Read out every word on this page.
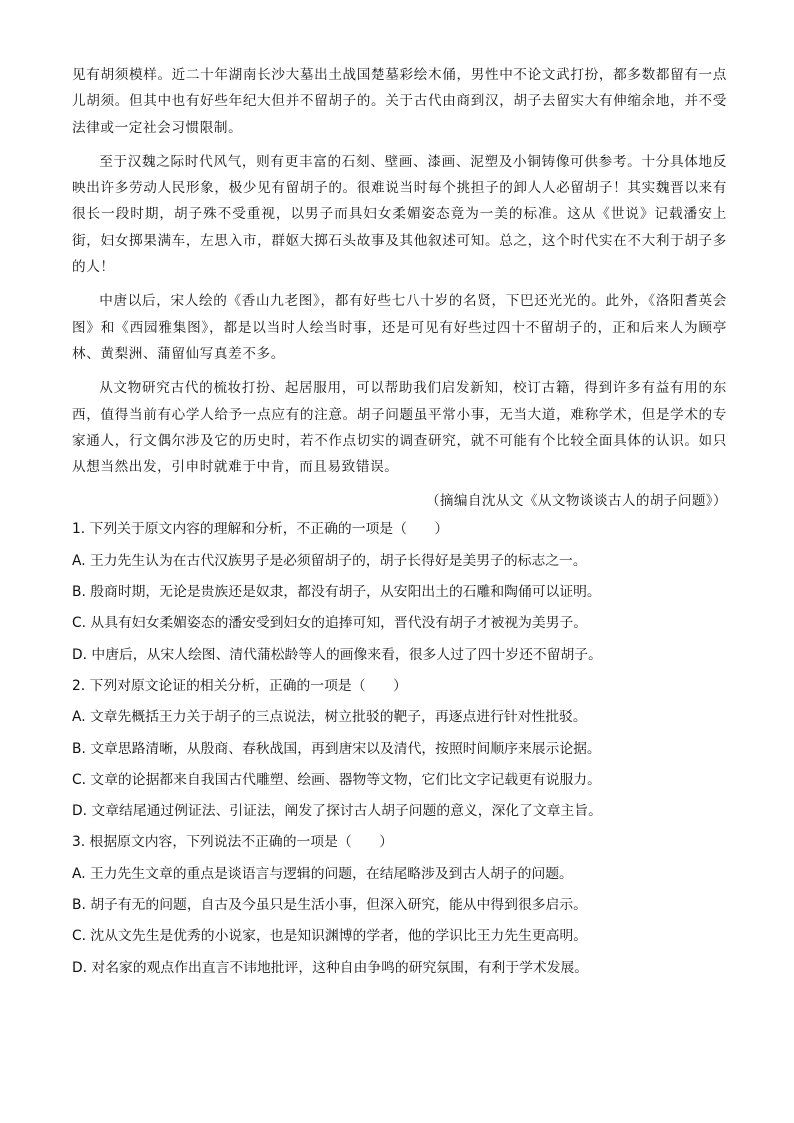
见有胡须模样。近二十年湖南长沙大墓出土战国楚墓彩绘木俑，男性中不论文武打扮，都多数都留有一点儿胡须。但其中也有好些年纪大但并不留胡子的。关于古代由商到汉，胡子去留实大有伸缩余地，并不受法律或一定社会习惯限制。

至于汉魏之际时代风气，则有更丰富的石刻、壁画、漆画、泥塑及小铜铸像可供参考。十分具体地反映出许多劳动人民形象，极少见有留胡子的。很难说当时每个挑担子的卸人人必留胡子！其实魏晋以来有很长一段时期，胡子殊不受重视，以男子而具妇女柔媚姿态竟为一美的标准。这从《世说》记载潘安上街，妇女掷果满车，左思入市，群妪大掷石头故事及其他叙述可知。总之，这个时代实在不大利于胡子多的人！

中唐以后，宋人绘的《香山九老图》，都有好些七八十岁的名贤，下巴还光光的。此外，《洛阳耆英会图》和《西园雅集图》，都是以当时人绘当时事，还是可见有好些过四十不留胡子的，正和后来人为顾亭林、黄梨洲、蒲留仙写真差不多。

从文物研究古代的梳妆打扮、起居服用，可以帮助我们启发新知，校订古籍，得到许多有益有用的东西，值得当前有心学人给予一点应有的注意。胡子问题虽平常小事，无当大道，难称学术，但是学术的专家通人，行文偶尔涉及它的历史时，若不作点切实的调查研究，就不可能有个比较全面具体的认识。如只从想当然出发，引申时就难于中肯，而且易致错误。

（摘编自沈从文《从文物谈谈古人的胡子问题》）

1. 下列关于原文内容的理解和分析，不正确的一项是（　　）

A. 王力先生认为在古代汉族男子是必须留胡子的，胡子长得好是美男子的标志之一。

B. 殷商时期，无论是贵族还是奴隶，都没有胡子，从安阳出土的石雕和陶俑可以证明。

C. 从具有妇女柔媚姿态的潘安受到妇女的追捧可知，晋代没有胡子才被视为美男子。

D. 中唐后，从宋人绘图、清代蒲松龄等人的画像来看，很多人过了四十岁还不留胡子。

2. 下列对原文论证的相关分析，正确的一项是（　　）

A. 文章先概括王力关于胡子的三点说法，树立批驳的靶子，再逐点进行针对性批驳。

B. 文章思路清晰，从殷商、春秋战国，再到唐宋以及清代，按照时间顺序来展示论据。

C. 文章的论据都来自我国古代雕塑、绘画、器物等文物，它们比文字记载更有说服力。

D. 文章结尾通过例证法、引证法，阐发了探讨古人胡子问题的意义，深化了文章主旨。

3. 根据原文内容，下列说法不正确的一项是（　　）

A. 王力先生文章的重点是谈语言与逻辑的问题，在结尾略涉及到古人胡子的问题。

B. 胡子有无的问题，自古及今虽只是生活小事，但深入研究，能从中得到很多启示。

C. 沈从文先生是优秀的小说家，也是知识渊博的学者，他的学识比王力先生更高明。

D. 对名家的观点作出直言不讳地批评，这种自由争鸣的研究氛围，有利于学术发展。
